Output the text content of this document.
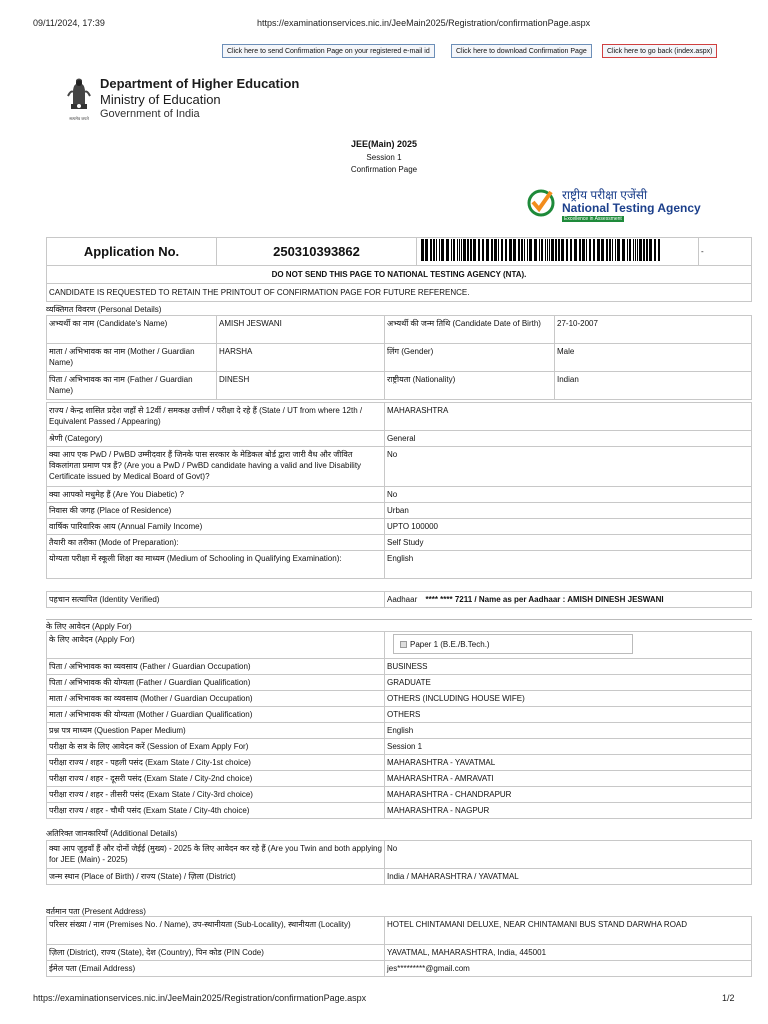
09/11/2024, 17:39	https://examinationservices.nic.in/JeeMain2025/Registration/confirmationPage.aspx
Click here to send Confirmation Page on your registered e-mail id	Click here to download Confirmation Page	Click here to go back (index.aspx)
सत्यमेव जयते
Department of Higher Education
Ministry of Education
Government of India
JEE(Main) 2025
Session 1
Confirmation Page
राष्ट्रीय परीक्षा एजेंसी
National Testing Agency
Excellence in Assessment
Application No.	250310393862		-
DO NOT SEND THIS PAGE TO NATIONAL TESTING AGENCY (NTA).
CANDIDATE IS REQUESTED TO RETAIN THE PRINTOUT OF CONFIRMATION PAGE FOR FUTURE REFERENCE.
व्यक्तिगत विवरण (Personal Details)
अभ्यर्थी का नाम (Candidate's Name)	AMISH JESWANI	अभ्यर्थी की जन्म तिथि (Candidate Date of Birth)	27-10-2007
माता / अभिभावक का नाम (Mother / Guardian Name)	HARSHA	लिंग (Gender)	Male
पिता / अभिभावक का नाम (Father / Guardian Name)	DINESH	राष्ट्रीयता (Nationality)	Indian
राज्य / केन्द्र शासित प्रदेश जहाँ से 12वीं / समकक्ष उत्तीर्ण / परीक्षा दे रहे हैं (State / UT from where 12th / Equivalent Passed / Appearing)	MAHARASHTRA
श्रेणी (Category)	General
क्या आप एक PwD / PwBD उम्मीदवार हैं जिनके पास सरकार के मेडिकल बोर्ड द्वारा जारी वैध और जीवित विकलांगता प्रमाण पत्र हैं? (Are you a PwD / PwBD candidate having a valid and live Disability Certificate issued by Medical Board of Govt)?	No
क्या आपको मधुमेह हैं (Are You Diabetic) ?	No
निवास की जगह (Place of Residence)	Urban
वार्षिक पारिवारिक आय (Annual Family Income)	UPTO 100000
तैयारी का तरीका (Mode of Preparation):	Self Study
योग्यता परीक्षा में स्कूली शिक्षा का माध्यम (Medium of Schooling in Qualifying Examination):	English
पहचान सत्यापित (Identity Verified)	Aadhaar **** **** 7211 / Name as per Aadhaar : AMISH DINESH JESWANI
के लिए आवेदन (Apply For)
के लिए आवेदन (Apply For)	
Paper 1 (B.E./B.Tech.)
पिता / अभिभावक का व्यवसाय (Father / Guardian Occupation)	BUSINESS
पिता / अभिभावक की योग्यता (Father / Guardian Qualification)	GRADUATE
माता / अभिभावक का व्यवसाय (Mother / Guardian Occupation)	OTHERS (INCLUDING HOUSE WIFE)
माता / अभिभावक की योग्यता (Mother / Guardian Qualification)	OTHERS
प्रश्न पत्र माध्यम (Question Paper Medium)	English
परीक्षा के सत्र के लिए आवेदन करें (Session of Exam Apply For)	Session 1
परीक्षा राज्य / शहर - पहली पसंद (Exam State / City-1st choice)	MAHARASHTRA - YAVATMAL
परीक्षा राज्य / शहर - दूसरी पसंद (Exam State / City-2nd choice)	MAHARASHTRA - AMRAVATI
परीक्षा राज्य / शहर - तीसरी पसंद (Exam State / City-3rd choice)	MAHARASHTRA - CHANDRAPUR
परीक्षा राज्य / शहर - चौथी पसंद (Exam State / City-4th choice)	MAHARASHTRA - NAGPUR
अतिरिक्त जानकारियाँ (Additional Details)
क्या आप जुड़वाँ हैं और दोनों जेईई (मुख्य) - 2025 के लिए आवेदन कर रहे हैं (Are you Twin and both applying for JEE (Main) - 2025)	No
जन्म स्थान (Place of Birth) / राज्य (State) / ज़िला (District)	India / MAHARASHTRA / YAVATMAL
वर्तमान पता (Present Address)
परिसर संख्या / नाम (Premises No. / Name), उप-स्थानीयता (Sub-Locality), स्थानीयता (Locality)	HOTEL CHINTAMANI DELUXE, NEAR CHINTAMANI BUS STAND DARWHA ROAD
ज़िला (District), राज्य (State), देश (Country), पिन कोड (PIN Code)	YAVATMAL, MAHARASHTRA, India, 445001
ईमेल पता (Email Address)	jes*********@gmail.com
https://examinationservices.nic.in/JeeMain2025/Registration/confirmationPage.aspx	1/2
